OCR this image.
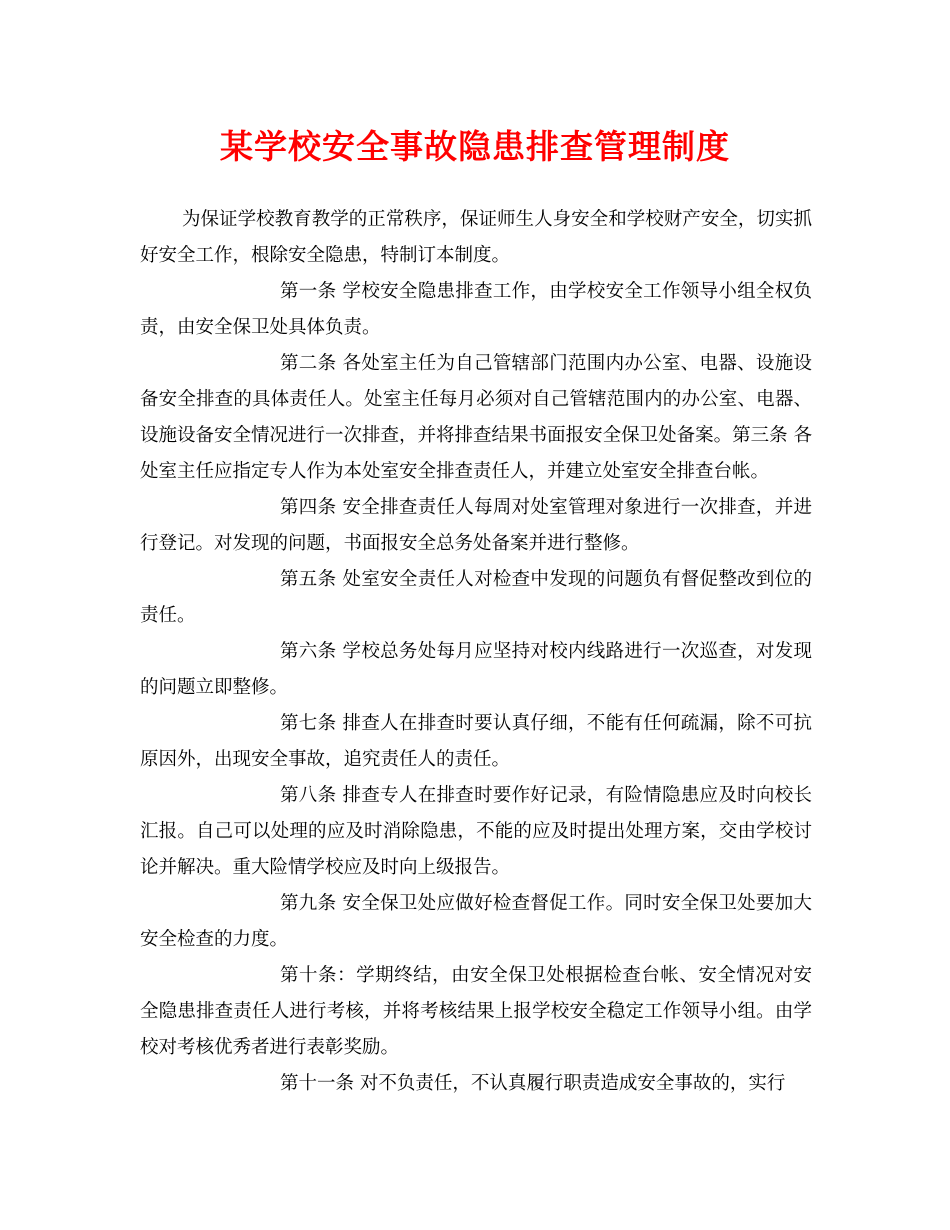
某学校安全事故隐患排查管理制度

为保证学校教育教学的正常秩序，保证师生人身安全和学校财产安全，切实抓好安全工作，根除安全隐患，特制订本制度。

第一条 学校安全隐患排查工作，由学校安全工作领导小组全权负责，由安全保卫处具体负责。

第二条 各处室主任为自己管辖部门范围内办公室、电器、设施设备安全排查的具体责任人。处室主任每月必须对自己管辖范围内的办公室、电器、设施设备安全情况进行一次排查，并将排查结果书面报安全保卫处备案。第三条 各处室主任应指定专人作为本处室安全排查责任人，并建立处室安全排查台帐。

第四条 安全排查责任人每周对处室管理对象进行一次排查，并进行登记。对发现的问题，书面报安全总务处备案并进行整修。

第五条 处室安全责任人对检查中发现的问题负有督促整改到位的责任。

第六条 学校总务处每月应坚持对校内线路进行一次巡查，对发现的问题立即整修。

第七条 排查人在排查时要认真仔细，不能有任何疏漏，除不可抗原因外，出现安全事故，追究责任人的责任。

第八条 排查专人在排查时要作好记录，有险情隐患应及时向校长汇报。自己可以处理的应及时消除隐患，不能的应及时提出处理方案，交由学校讨论并解决。重大险情学校应及时向上级报告。

第九条 安全保卫处应做好检查督促工作。同时安全保卫处要加大安全检查的力度。

第十条：学期终结，由安全保卫处根据检查台帐、安全情况对安全隐患排查责任人进行考核，并将考核结果上报学校安全稳定工作领导小组。由学校对考核优秀者进行表彰奖励。

第十一条 对不负责任，不认真履行职责造成安全事故的，实行
